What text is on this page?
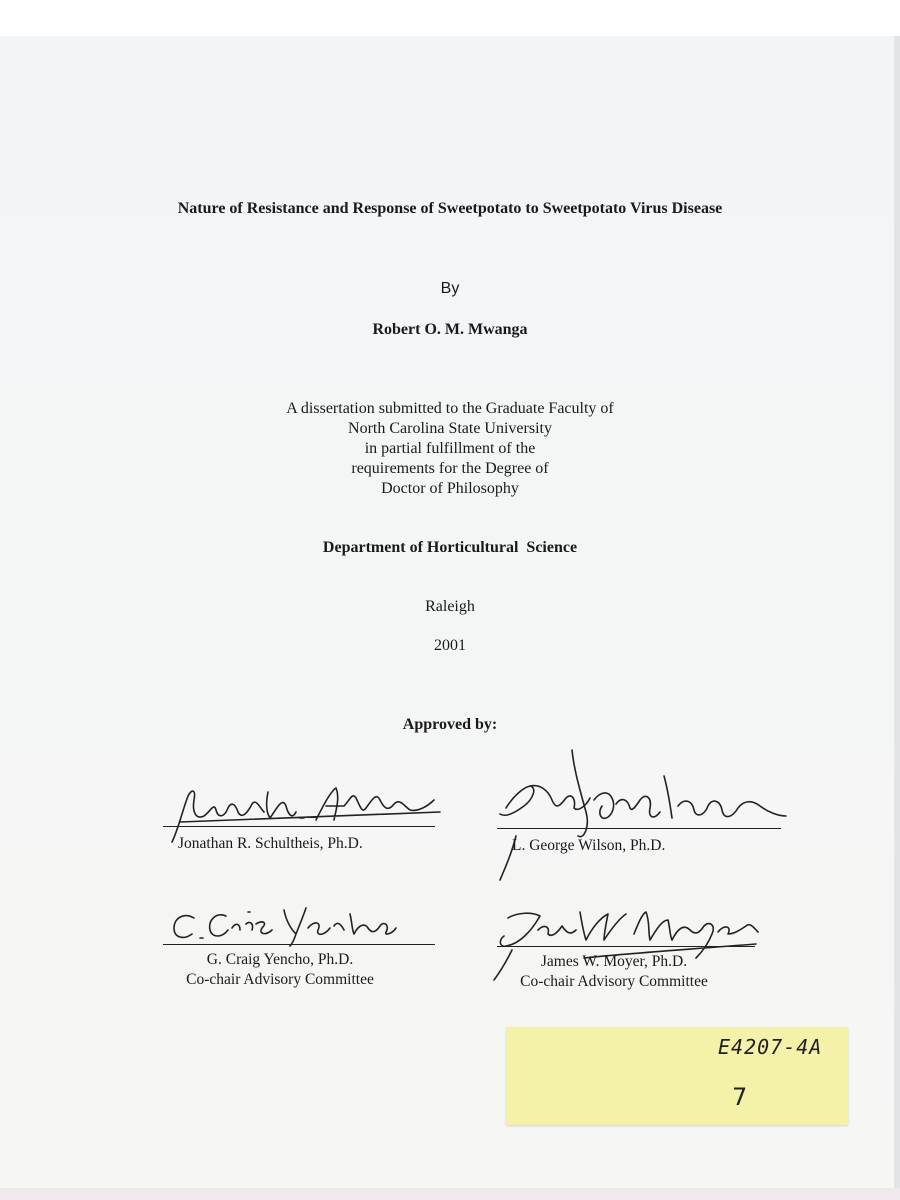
Nature of Resistance and Response of Sweetpotato to Sweetpotato Virus Disease
By
Robert O. M. Mwanga
A dissertation submitted to the Graduate Faculty of
North Carolina State University
in partial fulfillment of the
requirements for the Degree of
Doctor of Philosophy
Department of Horticultural  Science
Raleigh
2001
Approved by:
Jonathan R. Schultheis, Ph.D.	L. George Wilson, Ph.D.
G. Craig Yencho, Ph.D.
Co-chair Advisory Committee
James W. Moyer, Ph.D.
Co-chair Advisory Committee
E4207-4A
7
